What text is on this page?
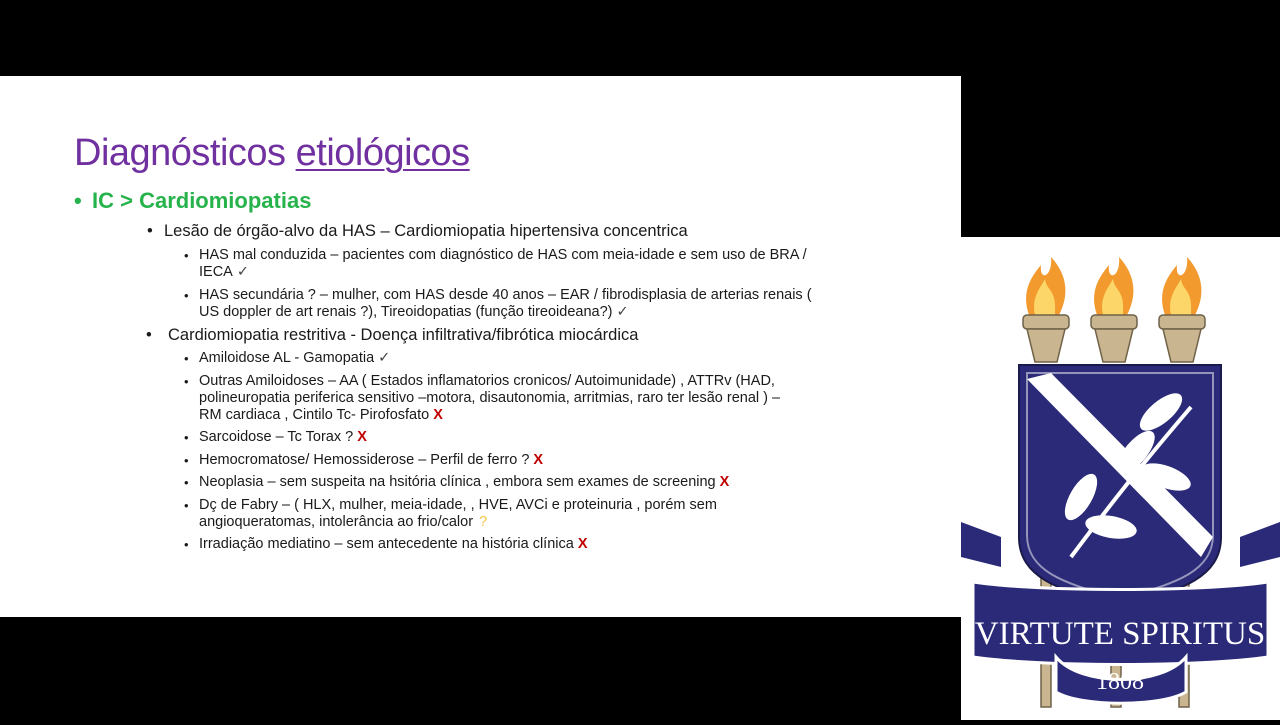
Diagnósticos etiológicos
• IC > Cardiomiopatias
• Lesão de órgão-alvo da HAS – Cardiomiopatia hipertensiva concentrica
• HAS mal conduzida – pacientes com diagnóstico de HAS com meia-idade e sem uso de BRA /

IECA ✓

• HAS secundária ? – mulher, com HAS desde 40 anos – EAR / fibrodisplasia de arterias renais (

US doppler de art renais ?), Tireoidopatias (função tireoideana?) ✓

• Cardiomiopatia restritiva - Doença infiltrativa/fibrótica miocárdica
• Amiloidose AL - Gamopatia ✓

• Outras Amiloidoses – AA ( Estados inflamatorios cronicos/ Autoimunidade) , ATTRv (HAD,

polineuropatia periferica sensitivo –motora, disautonomia, arritmias, raro ter lesão renal ) –

RM cardiaca , Cintilo Tc- Pirofosfato X

• Sarcoidose – Tc Torax ? X

• Hemocromatose/ Hemossiderose – Perfil de ferro ? X

• Neoplasia – sem suspeita na hsitória clínica , embora sem exames de screening X

• Dç de Fabry – ( HLX, mulher, meia-idade, , HVE, AVCi e proteinuria , porém sem

angioqueratomas, intolerância ao frio/calor ?

• Irradiação mediatino – sem antecedente na história clínica X

VIRTUTE SPIRITUS
1808
